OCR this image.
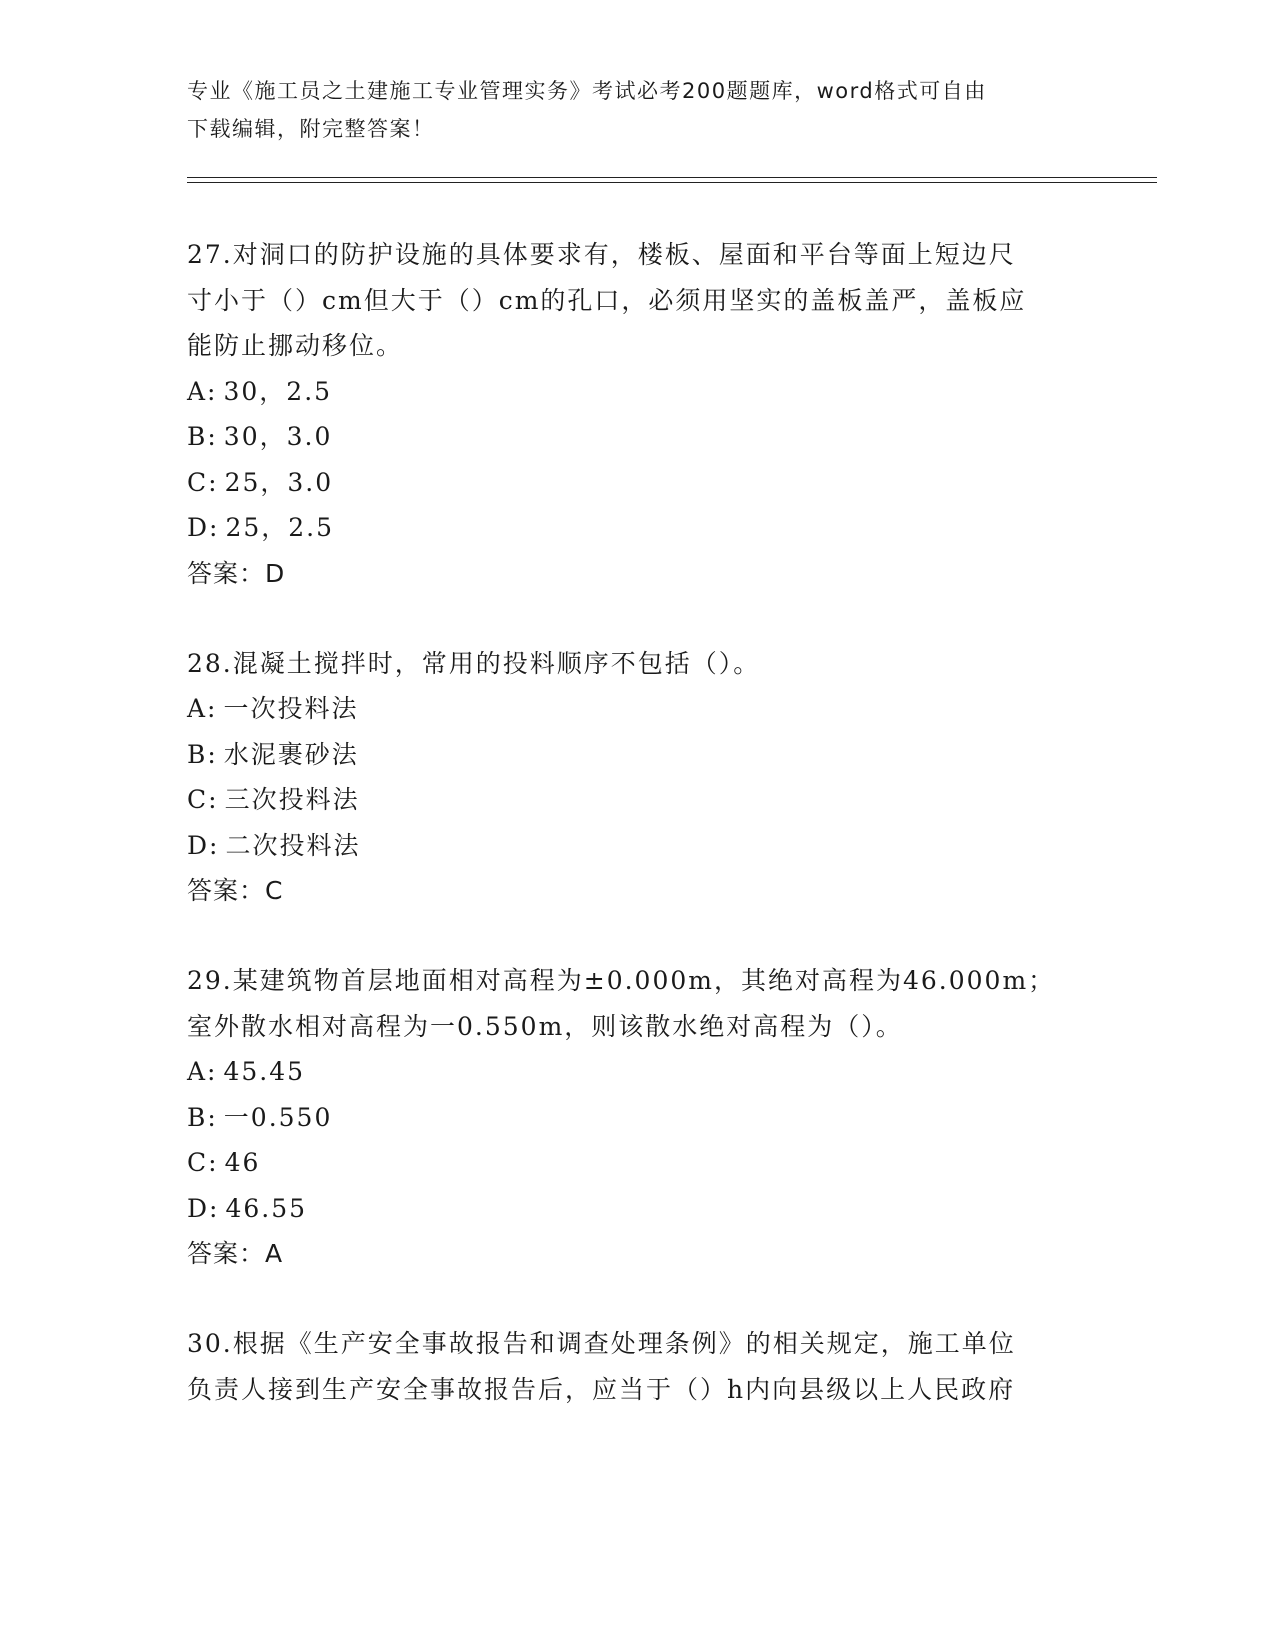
专业《施工员之土建施工专业管理实务》考试必考200题题库，word格式可自由
下载编辑，附完整答案！

27.对洞口的防护设施的具体要求有，楼板、屋面和平台等面上短边尺

寸小于（）cm但大于（）cm的孔口，必须用坚实的盖板盖严，盖板应

能防止挪动移位。

A: 30，2.5

B: 30，3.0

C: 25，3.0

D: 25，2.5

答案：D

28.混凝土搅拌时，常用的投料顺序不包括（）。

A: 一次投料法

B: 水泥裹砂法

C: 三次投料法

D: 二次投料法

答案：C

29.某建筑物首层地面相对高程为±0.000m，其绝对高程为46.000m；

室外散水相对高程为一0.550m，则该散水绝对高程为（）。

A: 45.45

B: 一0.550

C: 46

D: 46.55

答案：A

30.根据《生产安全事故报告和调查处理条例》的相关规定，施工单位

负责人接到生产安全事故报告后，应当于（）h内向县级以上人民政府
